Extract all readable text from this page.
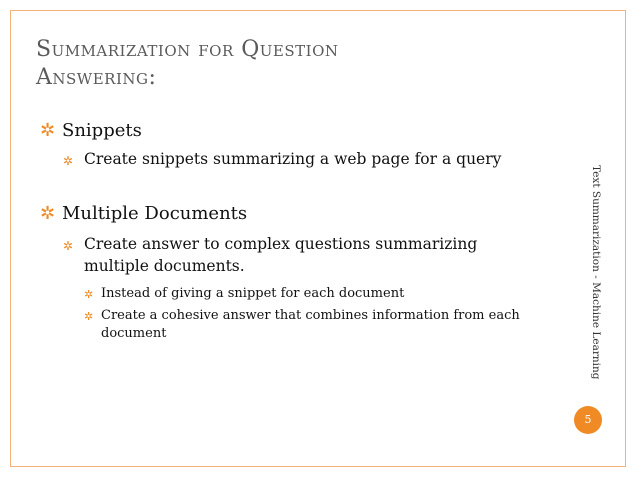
Summarization for Question
Answering:
✲ Snippets
✲ Create snippets summarizing a web page for a query
✲ Multiple Documents
✲ Create answer to complex questions summarizing multiple documents.
✲ Instead of giving a snippet for each document
✲ Create a cohesive answer that combines information from each document	Text Summarization - Machine Learning
5
